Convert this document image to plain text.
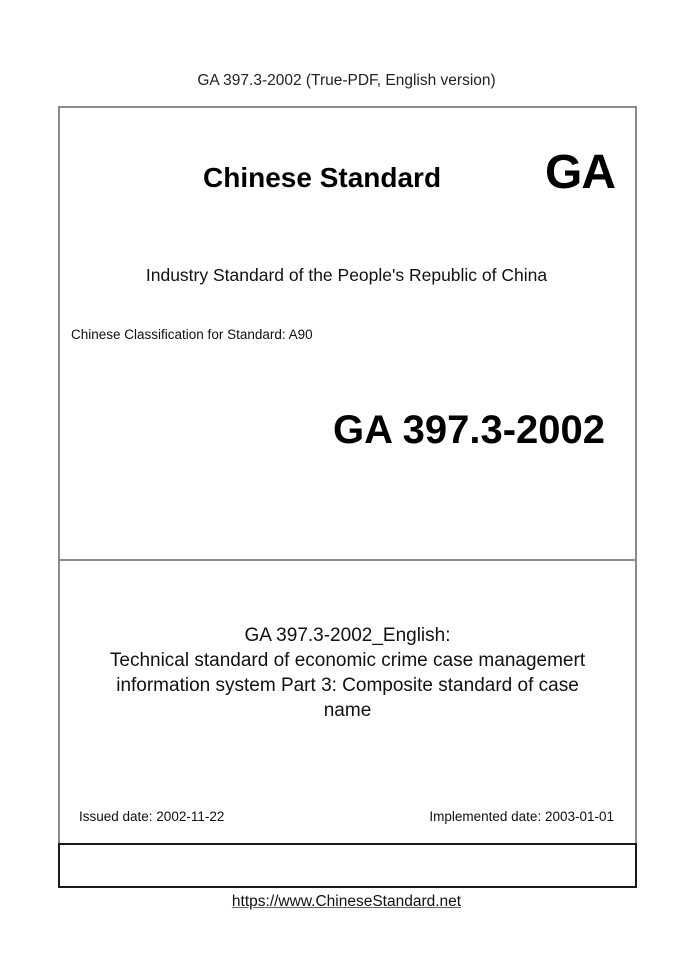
GA 397.3-2002 (True-PDF, English version)
Chinese Standard GA
Industry Standard of the People's Republic of China
Chinese Classification for Standard: A90
GA 397.3-2002
GA 397.3-2002_English:
Technical standard of economic crime case managemert
information system Part 3: Composite standard of case
name
Issued date: 2002-11-22	Implemented date: 2003-01-01
https://www.ChineseStandard.net
